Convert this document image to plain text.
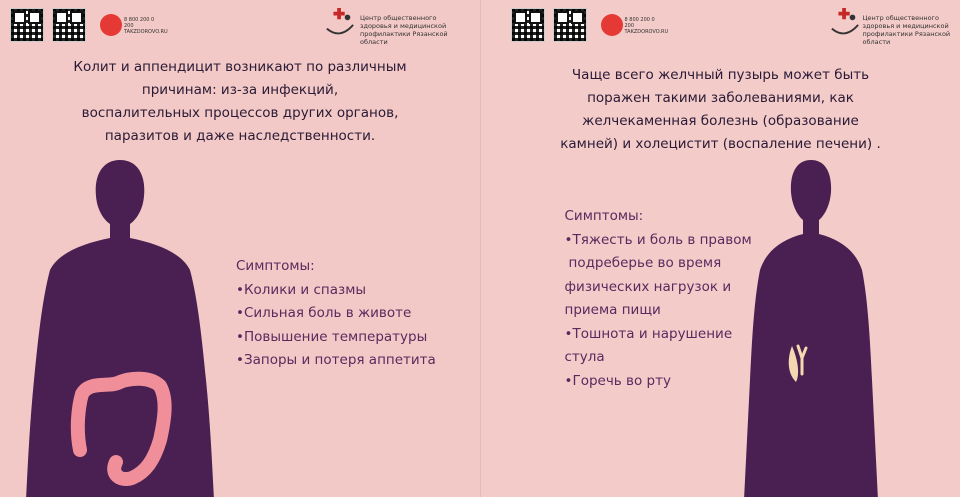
8 800 200 0 200 TAKZDOROVO.RU
Центр общественного здоровья и медицинской профилактики Рязанской области
Колит и аппендицит возникают по различным
причинам: из-за инфекций,
воспалительных процессов других органов,
паразитов и даже наследственности.
Симптомы:
•Колики и спазмы
•Сильная боль в животе
•Повышение температуры
•Запоры и потеря аппетита
8 800 200 0 200 TAKZDOROVO.RU
Центр общественного здоровья и медицинской профилактики Рязанской области
Чаще всего желчный пузырь может быть
поражен такими заболеваниями, как
желчекаменная болезнь (образование
камней) и холецистит (воспаление печени) .
Симптомы:
•Тяжесть и боль в правом
подреберье во время
физических нагрузок и
приема пищи
•Тошнота и нарушение
стула
•Горечь во рту
